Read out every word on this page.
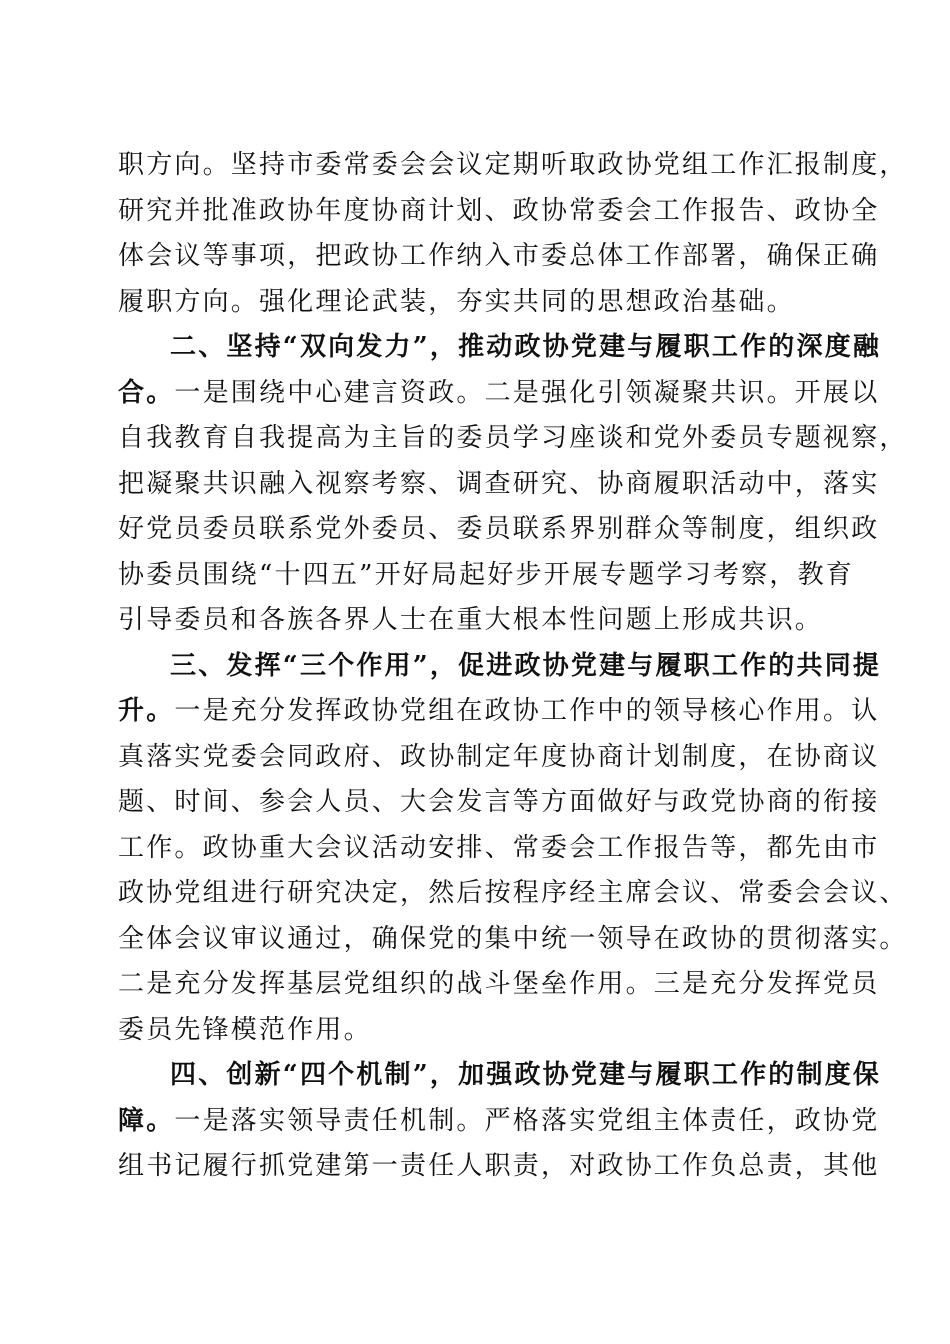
职方向。坚持市委常委会会议定期听取政协党组工作汇报制度，
研究并批准政协年度协商计划、政协常委会工作报告、政协全
体会议等事项，把政协工作纳入市委总体工作部署，确保正确
履职方向。强化理论武装，夯实共同的思想政治基础。

二、坚持“双向发力”，推动政协党建与履职工作的深度融
合。一是围绕中心建言资政。二是强化引领凝聚共识。开展以
自我教育自我提高为主旨的委员学习座谈和党外委员专题视察，
把凝聚共识融入视察考察、调查研究、协商履职活动中，落实
好党员委员联系党外委员、委员联系界别群众等制度，组织政
协委员围绕“十四五”开好局起好步开展专题学习考察，教育
引导委员和各族各界人士在重大根本性问题上形成共识。

三、发挥“三个作用”，促进政协党建与履职工作的共同提
升。一是充分发挥政协党组在政协工作中的领导核心作用。认
真落实党委会同政府、政协制定年度协商计划制度，在协商议
题、时间、参会人员、大会发言等方面做好与政党协商的衔接
工作。政协重大会议活动安排、常委会工作报告等，都先由市
政协党组进行研究决定，然后按程序经主席会议、常委会会议、
全体会议审议通过，确保党的集中统一领导在政协的贯彻落实。
二是充分发挥基层党组织的战斗堡垒作用。三是充分发挥党员
委员先锋模范作用。

四、创新“四个机制”，加强政协党建与履职工作的制度保
障。一是落实领导责任机制。严格落实党组主体责任，政协党
组书记履行抓党建第一责任人职责，对政协工作负总责，其他
